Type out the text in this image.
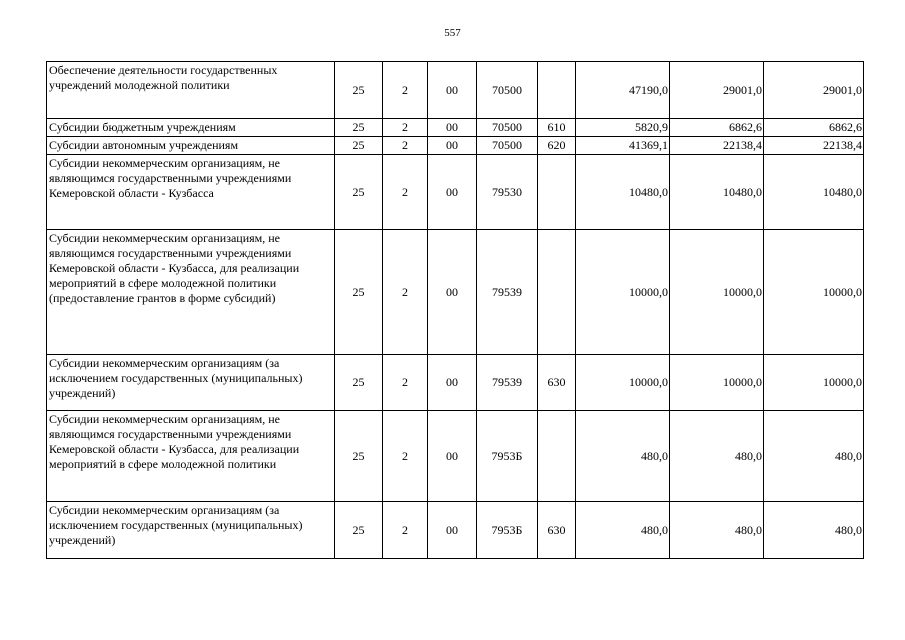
557
Обеспечение деятельности государственных учреждений молодежной политики	25	2	00	70500		47190,0	29001,0	29001,0
Субсидии бюджетным учреждениям	25	2	00	70500	610	5820,9	6862,6	6862,6
Субсидии автономным учреждениям	25	2	00	70500	620	41369,1	22138,4	22138,4
Субсидии некоммерческим организациям, не являющимся государственными учреждениями Кемеровской области - Кузбасса	25	2	00	79530		10480,0	10480,0	10480,0
Субсидии некоммерческим организациям, не являющимся государственными учреждениями Кемеровской области - Кузбасса, для реализации мероприятий в сфере молодежной политики (предоставление грантов в форме субсидий)	25	2	00	79539		10000,0	10000,0	10000,0
Субсидии некоммерческим организациям (за исключением государственных (муниципальных) учреждений)	25	2	00	79539	630	10000,0	10000,0	10000,0
Субсидии некоммерческим организациям, не являющимся государственными учреждениями Кемеровской области - Кузбасса, для реализации мероприятий в сфере молодежной политики	25	2	00	7953Б		480,0	480,0	480,0
Субсидии некоммерческим организациям (за исключением государственных (муниципальных) учреждений)	25	2	00	7953Б	630	480,0	480,0	480,0
